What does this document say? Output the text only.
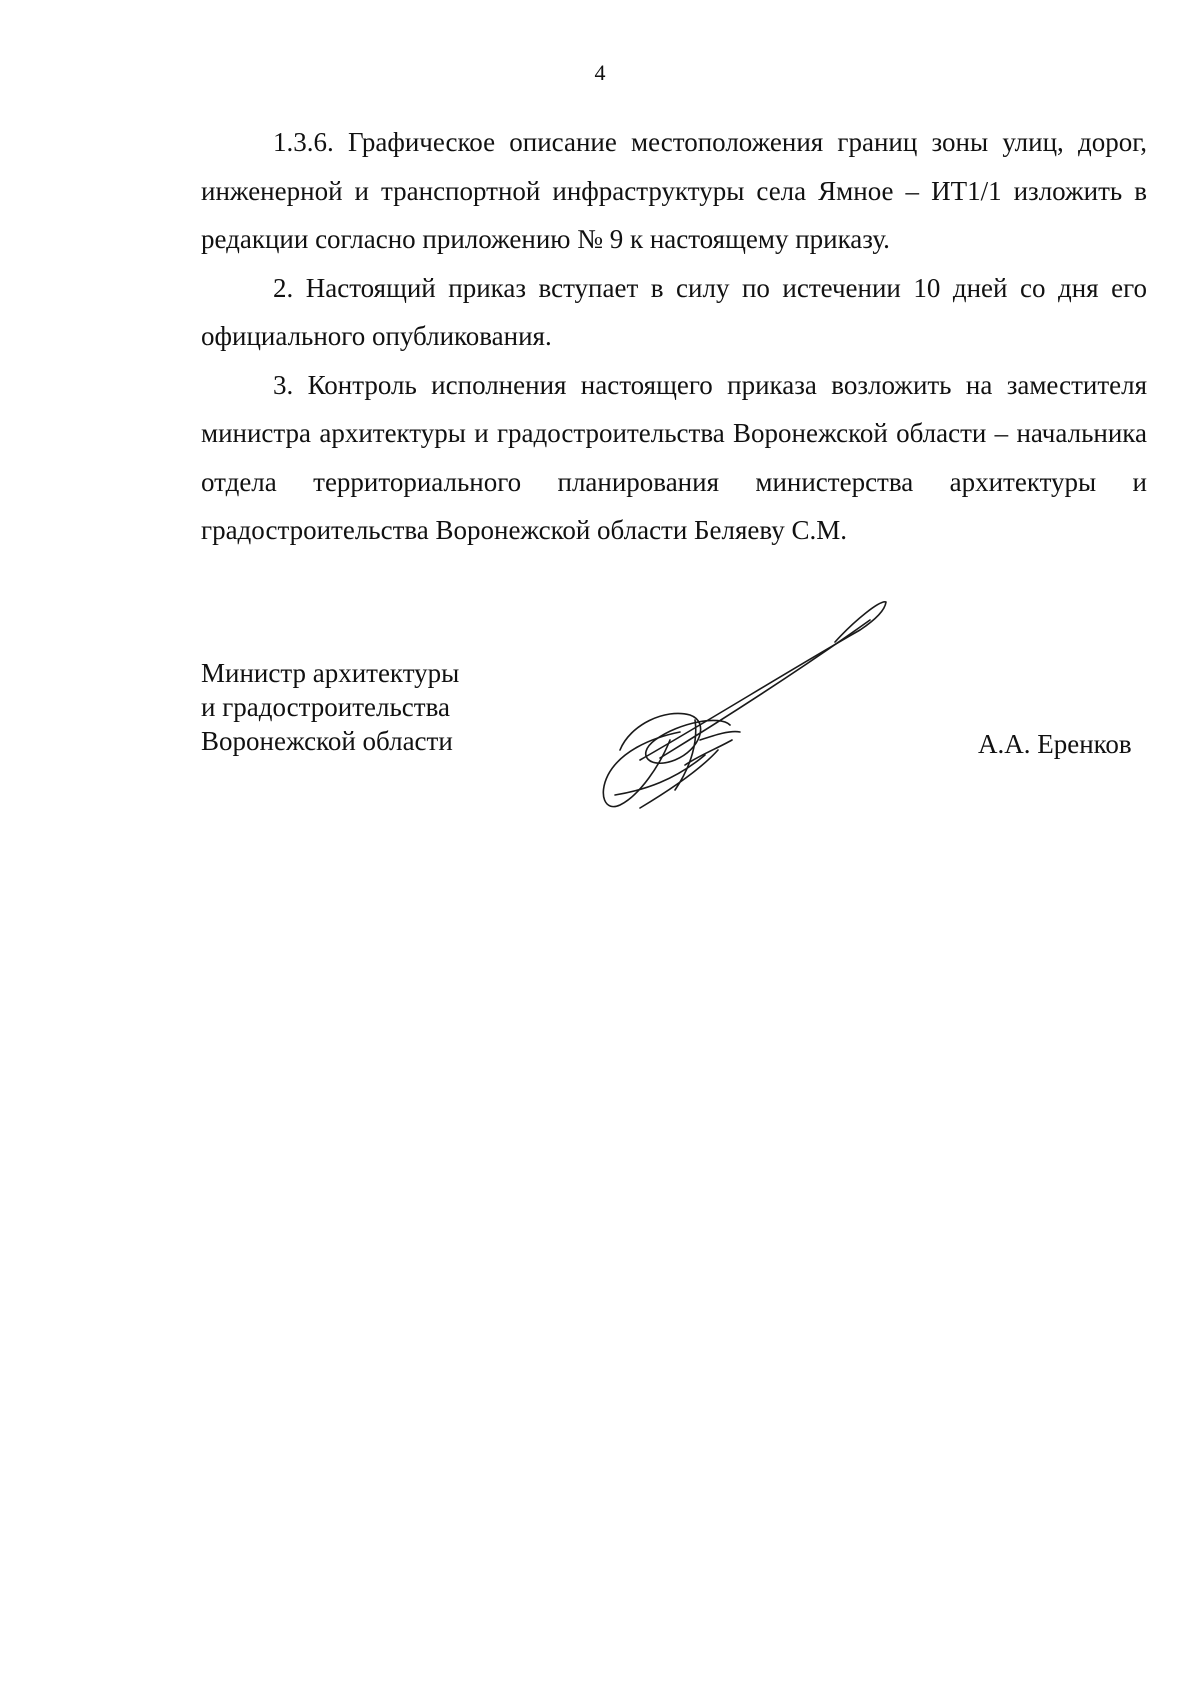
4

1.3.6. Графическое описание местоположения границ зоны улиц, дорог, инженерной и транспортной инфраструктуры села Ямное – ИТ1/1 изложить в редакции согласно приложению № 9 к настоящему приказу.

2. Настоящий приказ вступает в силу по истечении 10 дней со дня его официального опубликования.

3. Контроль исполнения настоящего приказа возложить на заместителя министра архитектуры и градостроительства Воронежской области – начальника отдела территориального планирования министерства архитектуры и градостроительства Воронежской области Беляеву С.М.

Министр архитектуры
и градостроительства
Воронежской области	А.А. Еренков
